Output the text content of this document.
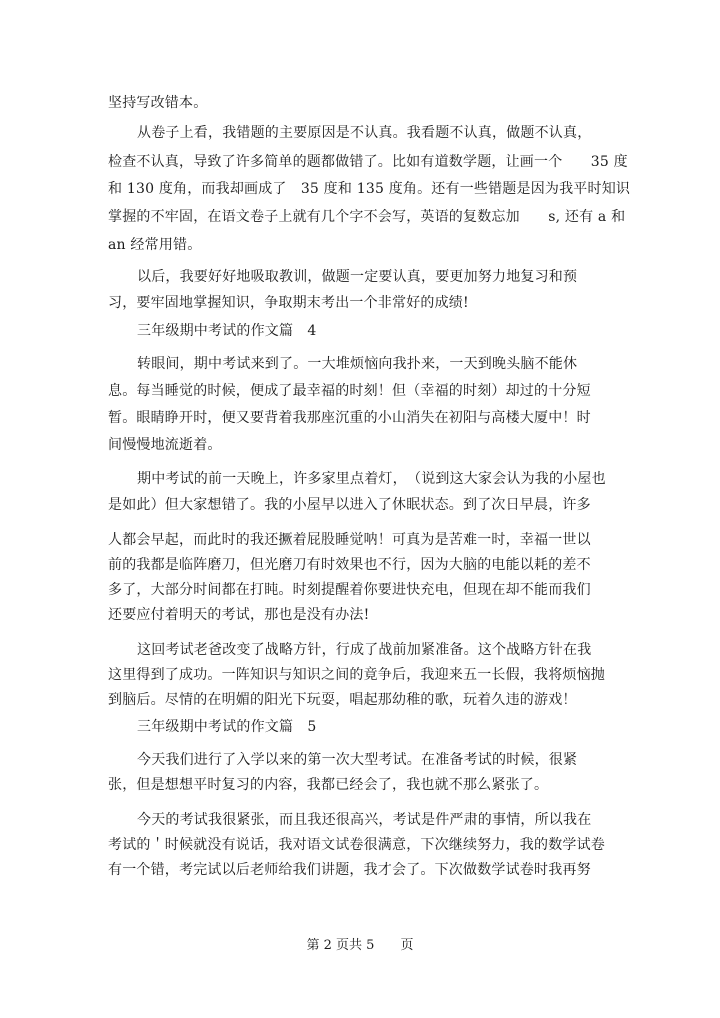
坚持写改错本。
从卷子上看，我错题的主要原因是不认真。我看题不认真，做题不认真，
检查不认真，导致了许多简单的题都做错了。比如有道数学题，让画一个　　35 度
和 130 度角，而我却画成了　35 度和 135 度角。还有一些错题是因为我平时知识
掌握的不牢固，在语文卷子上就有几个字不会写，英语的复数忘加　　s, 还有 a 和
an 经常用错。
以后，我要好好地吸取教训，做题一定要认真，要更加努力地复习和预
习，要牢固地掌握知识，争取期末考出一个非常好的成绩!
三年级期中考试的作文篇　4
转眼间，期中考试来到了。一大堆烦恼向我扑来，一天到晚头脑不能休
息。每当睡觉的时候，便成了最幸福的时刻！但（幸福的时刻）却过的十分短
暂。眼睛睁开时，便又要背着我那座沉重的小山消失在初阳与高楼大厦中！时
间慢慢地流逝着。
期中考试的前一天晚上，许多家里点着灯，　（说到这大家会认为我的小屋也
是如此）但大家想错了。我的小屋早以进入了休眠状态。到了次日早晨，许多
人都会早起，而此时的我还撅着屁股睡觉呐！可真为是苦难一时，幸福一世以
前的我都是临阵磨刀，但光磨刀有时效果也不行，因为大脑的电能以耗的差不
多了，大部分时间都在打盹。时刻提醒着你要进快充电，但现在却不能而我们
还要应付着明天的考试，那也是没有办法!
这回考试老爸改变了战略方针，行成了战前加紧准备。这个战略方针在我
这里得到了成功。一阵知识与知识之间的竟争后，我迎来五一长假，我将烦恼抛
到脑后。尽情的在明媚的阳光下玩耍，唱起那幼稚的歌，玩着久违的游戏！
三年级期中考试的作文篇　5
今天我们进行了入学以来的第一次大型考试。在准备考试的时候，很紧
张，但是想想平时复习的内容，我都已经会了，我也就不那么紧张了。
今天的考试我很紧张，而且我还很高兴，考试是件严肃的事情，所以我在
考试的＇时候就没有说话，我对语文试卷很满意，下次继续努力，我的数学试卷
有一个错，考完试以后老师给我们讲题，我才会了。下次做数学试卷时我再努
第 2 页共 5　　页
